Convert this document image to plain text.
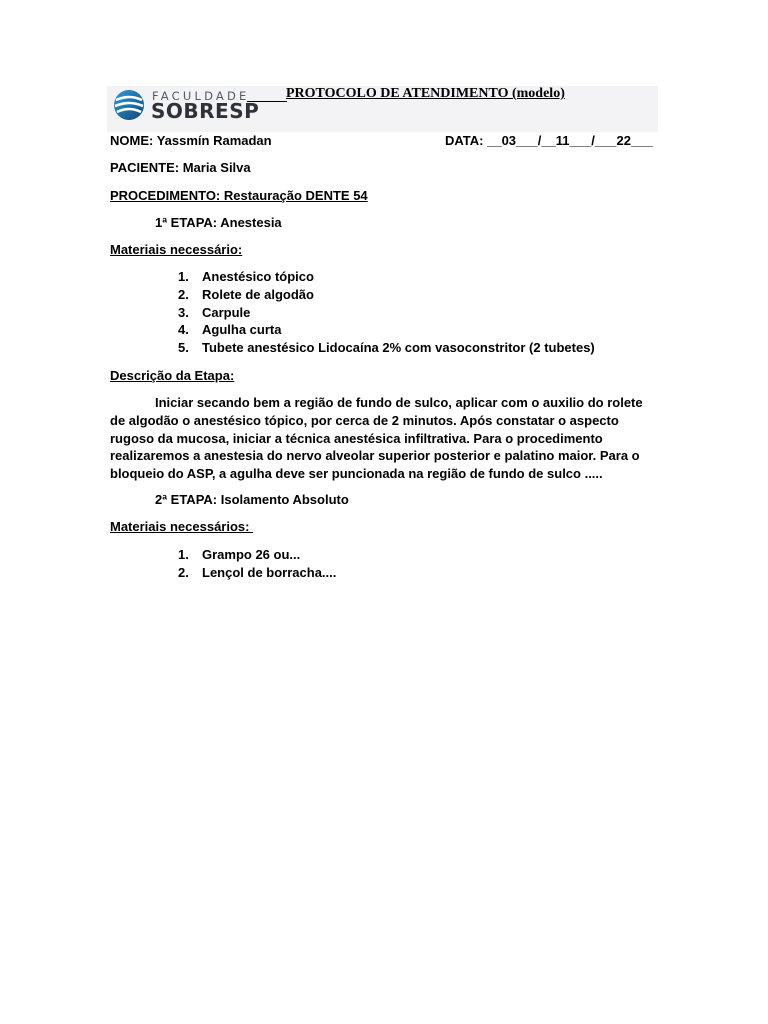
FACULDADE
SOBRESP
PROTOCOLO DE ATENDIMENTO (modelo)
NOME: Yassmín Ramadan	DATA: __03___/__11___/___22___
PACIENTE: Maria Silva
PROCEDIMENTO: Restauração DENTE 54
1ª ETAPA: Anestesia
Materiais necessário:
1. Anestésico tópico
2. Rolete de algodão
3. Carpule
4. Agulha curta
5. Tubete anestésico Lidocaína 2% com vasoconstritor (2 tubetes)
Descrição da Etapa:
Iniciar secando bem a região de fundo de sulco, aplicar com o auxilio do rolete de algodão o anestésico tópico, por cerca de 2 minutos. Após constatar o aspecto rugoso da mucosa, iniciar a técnica anestésica infiltrativa. Para o procedimento realizaremos a anestesia do nervo alveolar superior posterior e palatino maior. Para o bloqueio do ASP, a agulha deve ser puncionada na região de fundo de sulco .....
2ª ETAPA: Isolamento Absoluto
Materiais necessários:
1. Grampo 26 ou...
2. Lençol de borracha....
